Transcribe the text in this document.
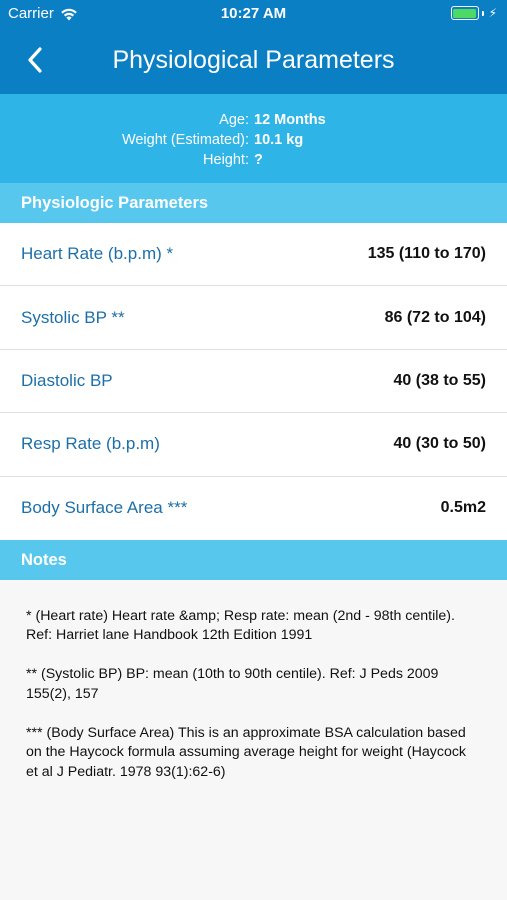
Carrier	10:27 AM	⚡
Physiological Parameters
Age: 12 Months
Weight (Estimated): 10.1 kg
Height: ?
Physiologic Parameters
Heart Rate (b.p.m) *	135 (110 to 170)
Systolic BP **	86 (72 to 104)
Diastolic BP	40 (38 to 55)
Resp Rate (b.p.m)	40 (30 to 50)
Body Surface Area ***	0.5m2
Notes

* (Heart rate) Heart rate &amp; Resp rate: mean (2nd - 98th centile). Ref: Harriet lane Handbook 12th Edition 1991

** (Systolic BP) BP: mean (10th to 90th centile). Ref: J Peds 2009 155(2), 157

*** (Body Surface Area) This is an approximate BSA calculation based on the Haycock formula assuming average height for weight (Haycock et al J Pediatr. 1978 93(1):62-6)
